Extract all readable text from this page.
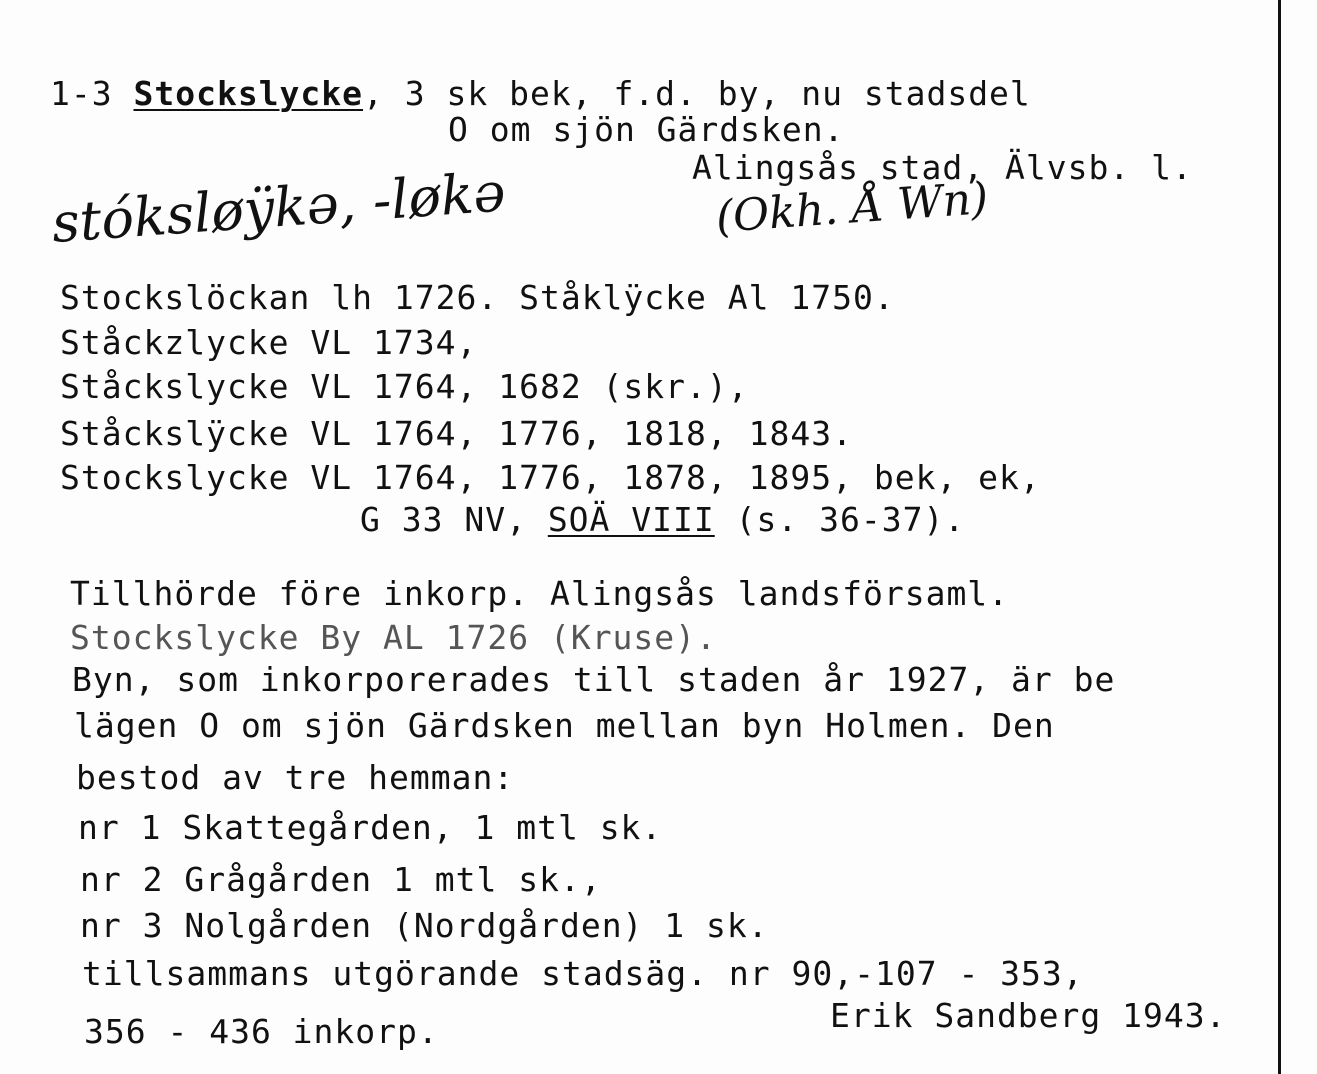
1-3 Stockslycke, 3 sk bek, f.d. by, nu stadsdel
O om sjön Gärdsken.
Alingsås stad, Älvsb. l.
stóksløÿkə, -løkə	(Okh. Å Wn)
Stockslöckan lh 1726. Ståklÿcke Al 1750.
Ståckzlycke VL 1734,
Ståckslycke VL 1764, 1682 (skr.),
Ståckslÿcke VL 1764, 1776, 1818, 1843.
Stockslycke VL 1764, 1776, 1878, 1895, bek, ek,
G 33 NV, SOÄ VIII (s. 36-37).
Tillhörde före inkorp. Alingsås landsförsaml.
Stockslycke By AL 1726 (Kruse).
Byn, som inkorporerades till staden år 1927, är be
lägen O om sjön Gärdsken mellan byn Holmen. Den
bestod av tre hemman:
nr 1 Skattegården, 1 mtl sk.
nr 2 Grågården 1 mtl sk.,
nr 3 Nolgården (Nordgården) 1 sk.
tillsammans utgörande stadsäg. nr 90,-107 - 353,
356 - 436 inkorp.	Erik Sandberg 1943.
